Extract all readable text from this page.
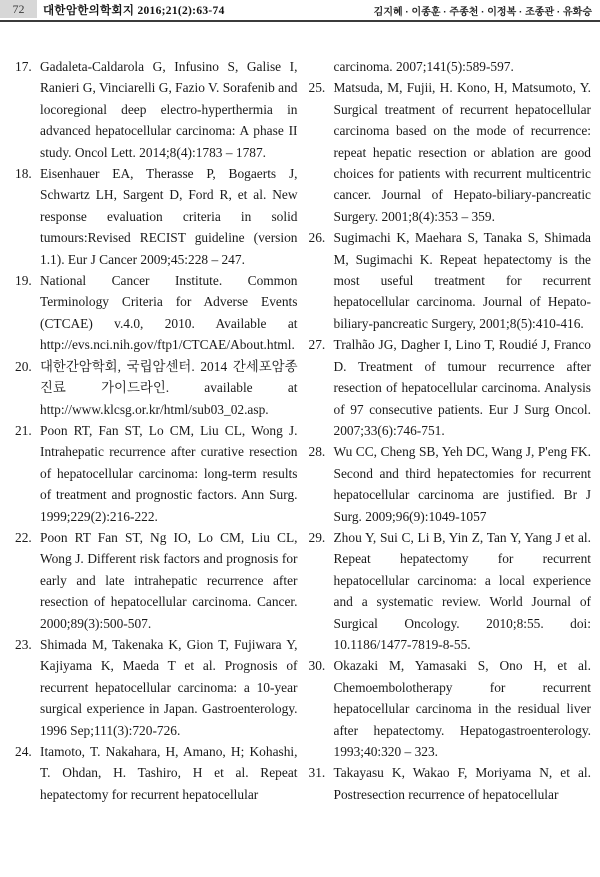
72 대한암한의학회지 2016;21(2):63-74	김지혜 · 이종훈 · 주종천 · 이정복 · 조종관 · 유화승
17. Gadaleta-Caldarola G, Infusino S, Galise I, Ranieri G, Vinciarelli G, Fazio V. Sorafenib and locoregional deep electro-hyperthermia in advanced hepatocellular carcinoma: A phase II study. Oncol Lett. 2014;8(4):1783 – 1787.
18. Eisenhauer EA, Therasse P, Bogaerts J, Schwartz LH, Sargent D, Ford R, et al. New response evaluation criteria in solid tumours:Revised RECIST guideline (version 1.1). Eur J Cancer 2009;45:228 – 247.
19. National Cancer Institute. Common Terminology Criteria for Adverse Events (CTCAE) v.4.0, 2010. Available at http://evs.nci.nih.gov/ftp1/CTCAE/About.html.
20. 대한간암학회, 국립암센터. 2014 간세포암종 진료 가이드라인. available at http://www.klcsg.or.kr/html/sub03_02.asp.
21. Poon RT, Fan ST, Lo CM, Liu CL, Wong J. Intrahepatic recurrence after curative resection of hepatocellular carcinoma: long-term results of treatment and prognostic factors. Ann Surg. 1999;229(2):216-222.
22. Poon RT Fan ST, Ng IO, Lo CM, Liu CL, Wong J. Different risk factors and prognosis for early and late intrahepatic recurrence after resection of hepatocellular carcinoma. Cancer. 2000;89(3):500-507.
23. Shimada M, Takenaka K, Gion T, Fujiwara Y, Kajiyama K, Maeda T et al. Prognosis of recurrent hepatocellular carcinoma: a 10-year surgical experience in Japan. Gastroenterology. 1996 Sep;111(3):720-726.
24. Itamoto, T. Nakahara, H, Amano, H; Kohashi, T. Ohdan, H. Tashiro, H et al. Repeat hepatectomy for recurrent hepatocellular
carcinoma. 2007;141(5):589-597.
25. Matsuda, M, Fujii, H. Kono, H, Matsumoto, Y. Surgical treatment of recurrent hepatocellular carcinoma based on the mode of recurrence: repeat hepatic resection or ablation are good choices for patients with recurrent multicentric cancer. Journal of Hepato-biliary-pancreatic Surgery. 2001;8(4):353 – 359.
26. Sugimachi K, Maehara S, Tanaka S, Shimada M, Sugimachi K. Repeat hepatectomy is the most useful treatment for recurrent hepatocellular carcinoma. Journal of Hepato-biliary-pancreatic Surgery, 2001;8(5):410-416.
27. Tralhão JG, Dagher I, Lino T, Roudié J, Franco D. Treatment of tumour recurrence after resection of hepatocellular carcinoma. Analysis of 97 consecutive patients. Eur J Surg Oncol. 2007;33(6):746-751.
28. Wu CC, Cheng SB, Yeh DC, Wang J, P'eng FK. Second and third hepatectomies for recurrent hepatocellular carcinoma are justified. Br J Surg. 2009;96(9):1049-1057
29. Zhou Y, Sui C, Li B, Yin Z, Tan Y, Yang J et al. Repeat hepatectomy for recurrent hepatocellular carcinoma: a local experience and a systematic review. World Journal of Surgical Oncology. 2010;8:55. doi: 10.1186/1477-7819-8-55.
30. Okazaki M, Yamasaki S, Ono H, et al. Chemoembolotherapy for recurrent hepatocellular carcinoma in the residual liver after hepatectomy. Hepatogastroenterology. 1993;40:320 – 323.
31. Takayasu K, Wakao F, Moriyama N, et al. Postresection recurrence of hepatocellular
